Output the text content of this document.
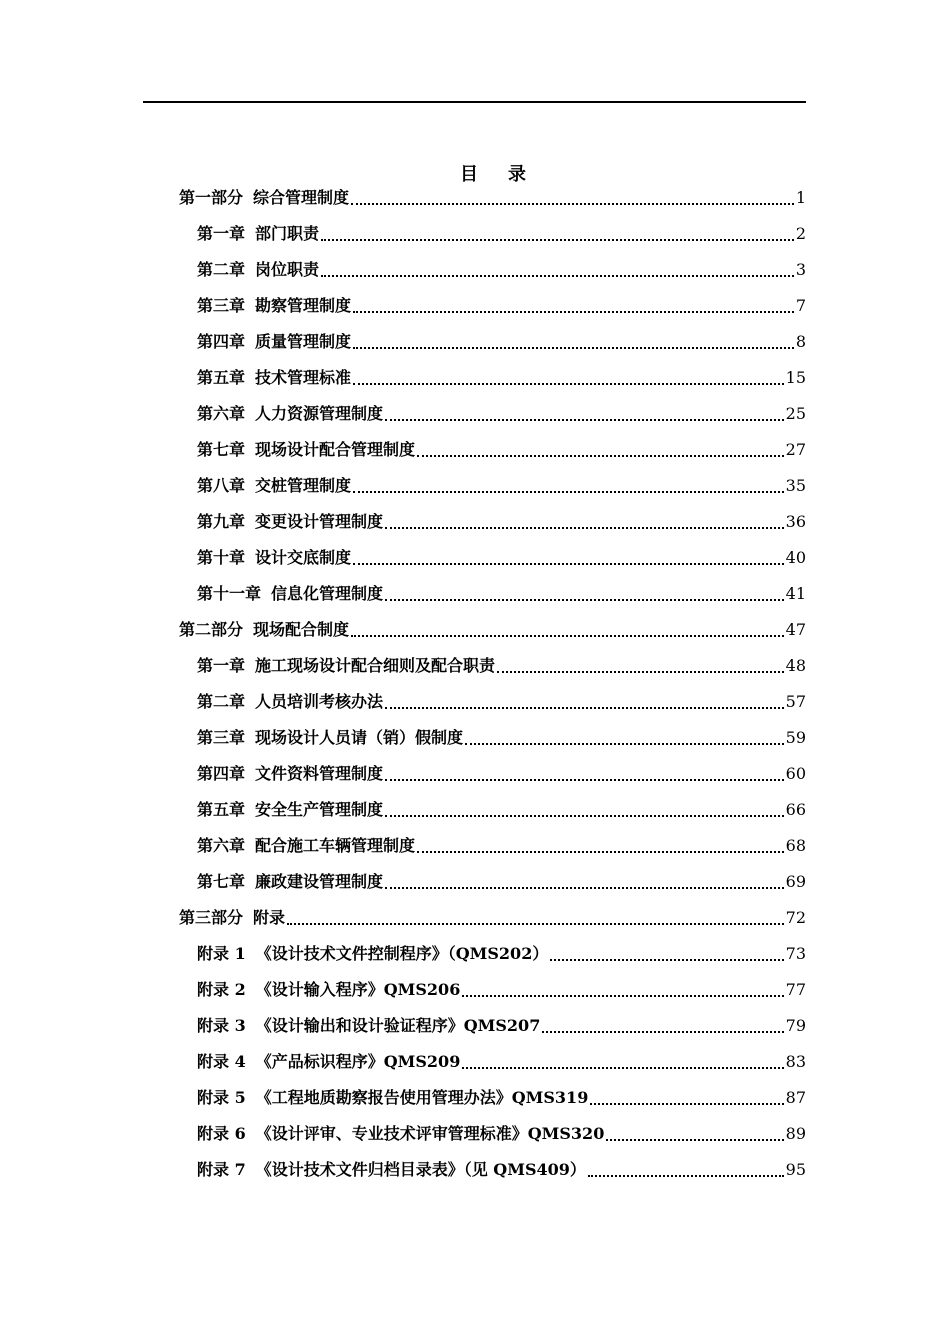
目 录
第一部分 综合管理制度	1
第一章 部门职责	2
第二章 岗位职责	3
第三章 勘察管理制度	7
第四章 质量管理制度	8
第五章 技术管理标准	15
第六章 人力资源管理制度	25
第七章 现场设计配合管理制度	27
第八章 交桩管理制度	35
第九章 变更设计管理制度	36
第十章 设计交底制度	40
第十一章 信息化管理制度	41
第二部分 现场配合制度	47
第一章 施工现场设计配合细则及配合职责	48
第二章 人员培训考核办法	57
第三章 现场设计人员请（销）假制度	59
第四章 文件资料管理制度	60
第五章 安全生产管理制度	66
第六章 配合施工车辆管理制度	68
第七章 廉政建设管理制度	69
第三部分 附录	72
附录 1 《设计技术文件控制程序》（QMS202）	73
附录 2 《设计输入程序》QMS206	77
附录 3 《设计输出和设计验证程序》QMS207	79
附录 4 《产品标识程序》QMS209	83
附录 5 《工程地质勘察报告使用管理办法》QMS319	87
附录 6 《设计评审、专业技术评审管理标准》QMS320	89
附录 7 《设计技术文件归档目录表》（见 QMS409）	95
